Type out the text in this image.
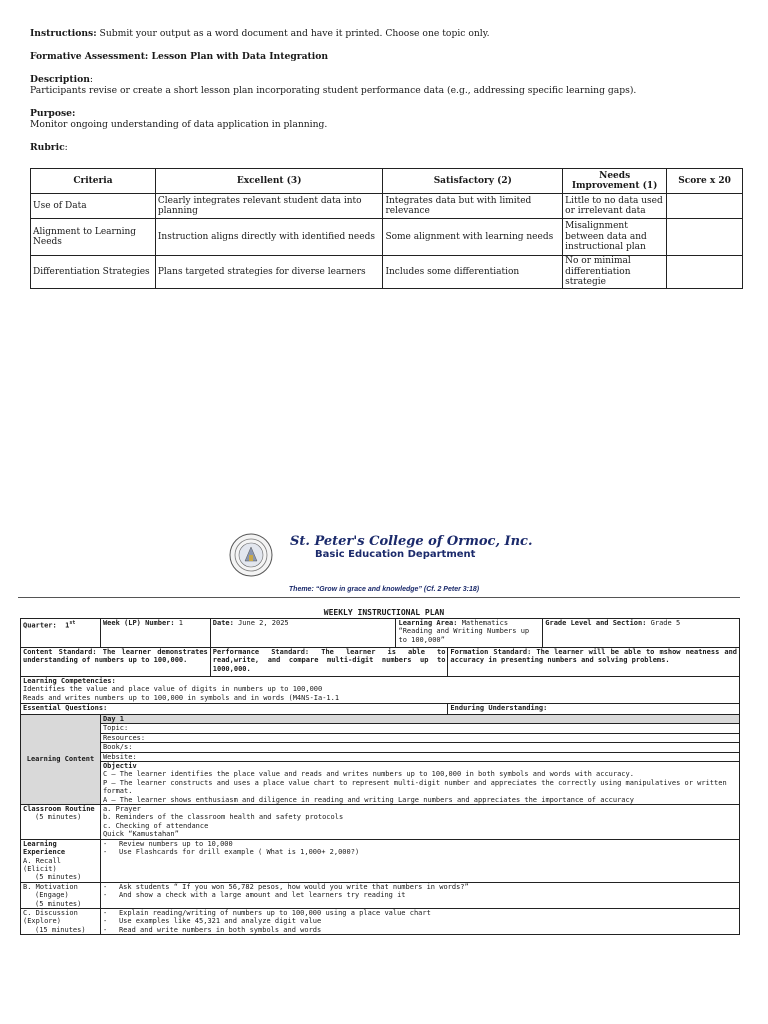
Instructions: Submit your output as a word document and have it printed. Choose one topic only.

Formative Assessment: Lesson Plan with Data Integration

Description:

Participants revise or create a short lesson plan incorporating student performance data (e.g., addressing specific learning gaps).

Purpose:

Monitor ongoing understanding of data application in planning.

Rubric:

Criteria	Excellent (3)	Satisfactory (2)	Needs Improvement (1)	Score x 20
Use of Data	Clearly integrates relevant student data into planning	Integrates data but with limited relevance	Little to no data used or irrelevant data	
Alignment to Learning Needs	Instruction aligns directly with identified needs	Some alignment with learning needs	Misalignment between data and instructional plan	
Differentiation Strategies	Plans targeted strategies for diverse learners	Includes some differentiation	No or minimal differentiation strategie	
St. Peter's College of Ormoc, Inc.
Basic Education Department
Theme: “Grow in grace and knowledge” (Cf. 2 Peter 3:18)
WEEKLY INSTRUCTIONAL PLAN
Quarter: 1st	Week (LP) Number: 1	Date: June 2, 2025	Learning Area: Mathematics
“Reading and Writing Numbers up to 100,000”		Grade Level and Section: Grade 5
Content Standard: The learner demonstrates understanding of numbers up to 100,000.		Performance Standard: The learner is able to read,write, and compare multi-digit numbers up to 1000,000.		Formation Standard: The learner will be able to mshow neatness and accuracy in presenting numbers and solving problems.	
Learning Competencies:
Identifies the value and place value of digits in numbers up to 100,000
Reads and writes numbers up to 100,000 in symbols and in words (M4NS-Ia-1.1					
Essential Questions:				Enduring Understanding:	
Learning Content	Day 1				
	Topic:				
	Resources:				
	Book/s:				
	Website:				
	Objectiv
C – The learner identifies the place value and reads and writes numbers up to 100,000 in both symbols and words with accuracy.
P – The learner constructs and uses a place value chart to represent multi-digit number and appreciates the correctly using manipulatives or written format.
A – The learner shows enthusiasm and diligence in reading and writing Large numbers and appreciates the importance of accuracy				
Classroom Routine
(5 minutes)	a. Prayer
b. Reminders of the classroom health and safety protocols
c. Checking of attendance
Quick “Kamustahan”				
Learning Experience
A. Recall (Elicit)
(5 minutes)	- Review numbers up to 10,000
- Use Flashcards for drill example ( What is 1,000+ 2,000?)				
B. Motivation
(Engage)
(5 minutes)	- Ask students “ If you won 56,782 pesos, how would you write that numbers in words?”
- And show a check with a large amount and let learners try reading it				
C. Discussion
(Explore)
(15 minutes)	- Explain reading/writing of numbers up to 100,000 using a place value chart
- Use examples like 45,321 and analyze digit value
- Read and write numbers in both symbols and words				
